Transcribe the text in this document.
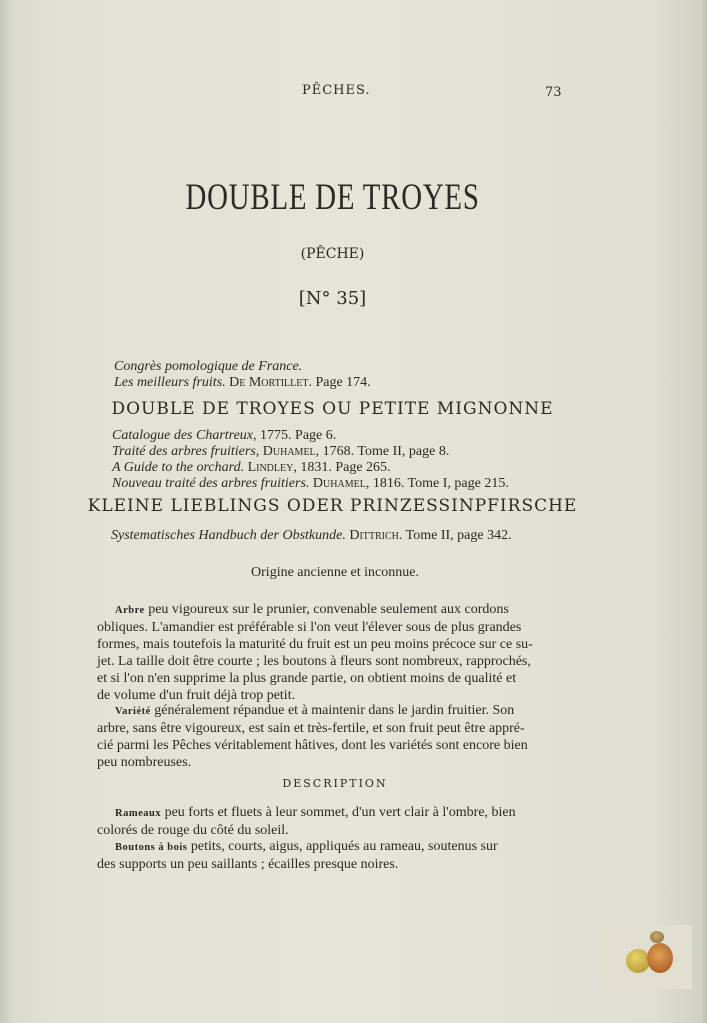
PÊCHES.	73
DOUBLE DE TROYES
(PÊCHE)
[N° 35]
Congrès pomologique de France.
Les meilleurs fruits. De Mortillet. Page 174.
DOUBLE DE TROYES OU PETITE MIGNONNE
Catalogue des Chartreux, 1775. Page 6.
Traité des arbres fruitiers, Duhamel, 1768. Tome II, page 8.
A Guide to the orchard. Lindley, 1831. Page 265.
Nouveau traité des arbres fruitiers. Duhamel, 1816. Tome I, page 215.
KLEINE LIEBLINGS ODER PRINZESSINPFIRSCHE
Systematisches Handbuch der Obstkunde. Dittrich. Tome II, page 342.
Origine ancienne et inconnue.
Arbre peu vigoureux sur le prunier, convenable seulement aux cordons
obliques. L'amandier est préférable si l'on veut l'élever sous de plus grandes
formes, mais toutefois la maturité du fruit est un peu moins précoce sur ce su-
jet. La taille doit être courte ; les boutons à fleurs sont nombreux, rapprochés,
et si l'on n'en supprime la plus grande partie, on obtient moins de qualité et
de volume d'un fruit déjà trop petit.
Variété généralement répandue et à maintenir dans le jardin fruitier. Son
arbre, sans être vigoureux, est sain et très-fertile, et son fruit peut être appré-
cié parmi les Pêches véritablement hâtives, dont les variétés sont encore bien
peu nombreuses.
DESCRIPTION
Rameaux peu forts et fluets à leur sommet, d'un vert clair à l'ombre, bien
colorés de rouge du côté du soleil.
Boutons à bois petits, courts, aigus, appliqués au rameau, soutenus sur
des supports un peu saillants ; écailles presque noires.
